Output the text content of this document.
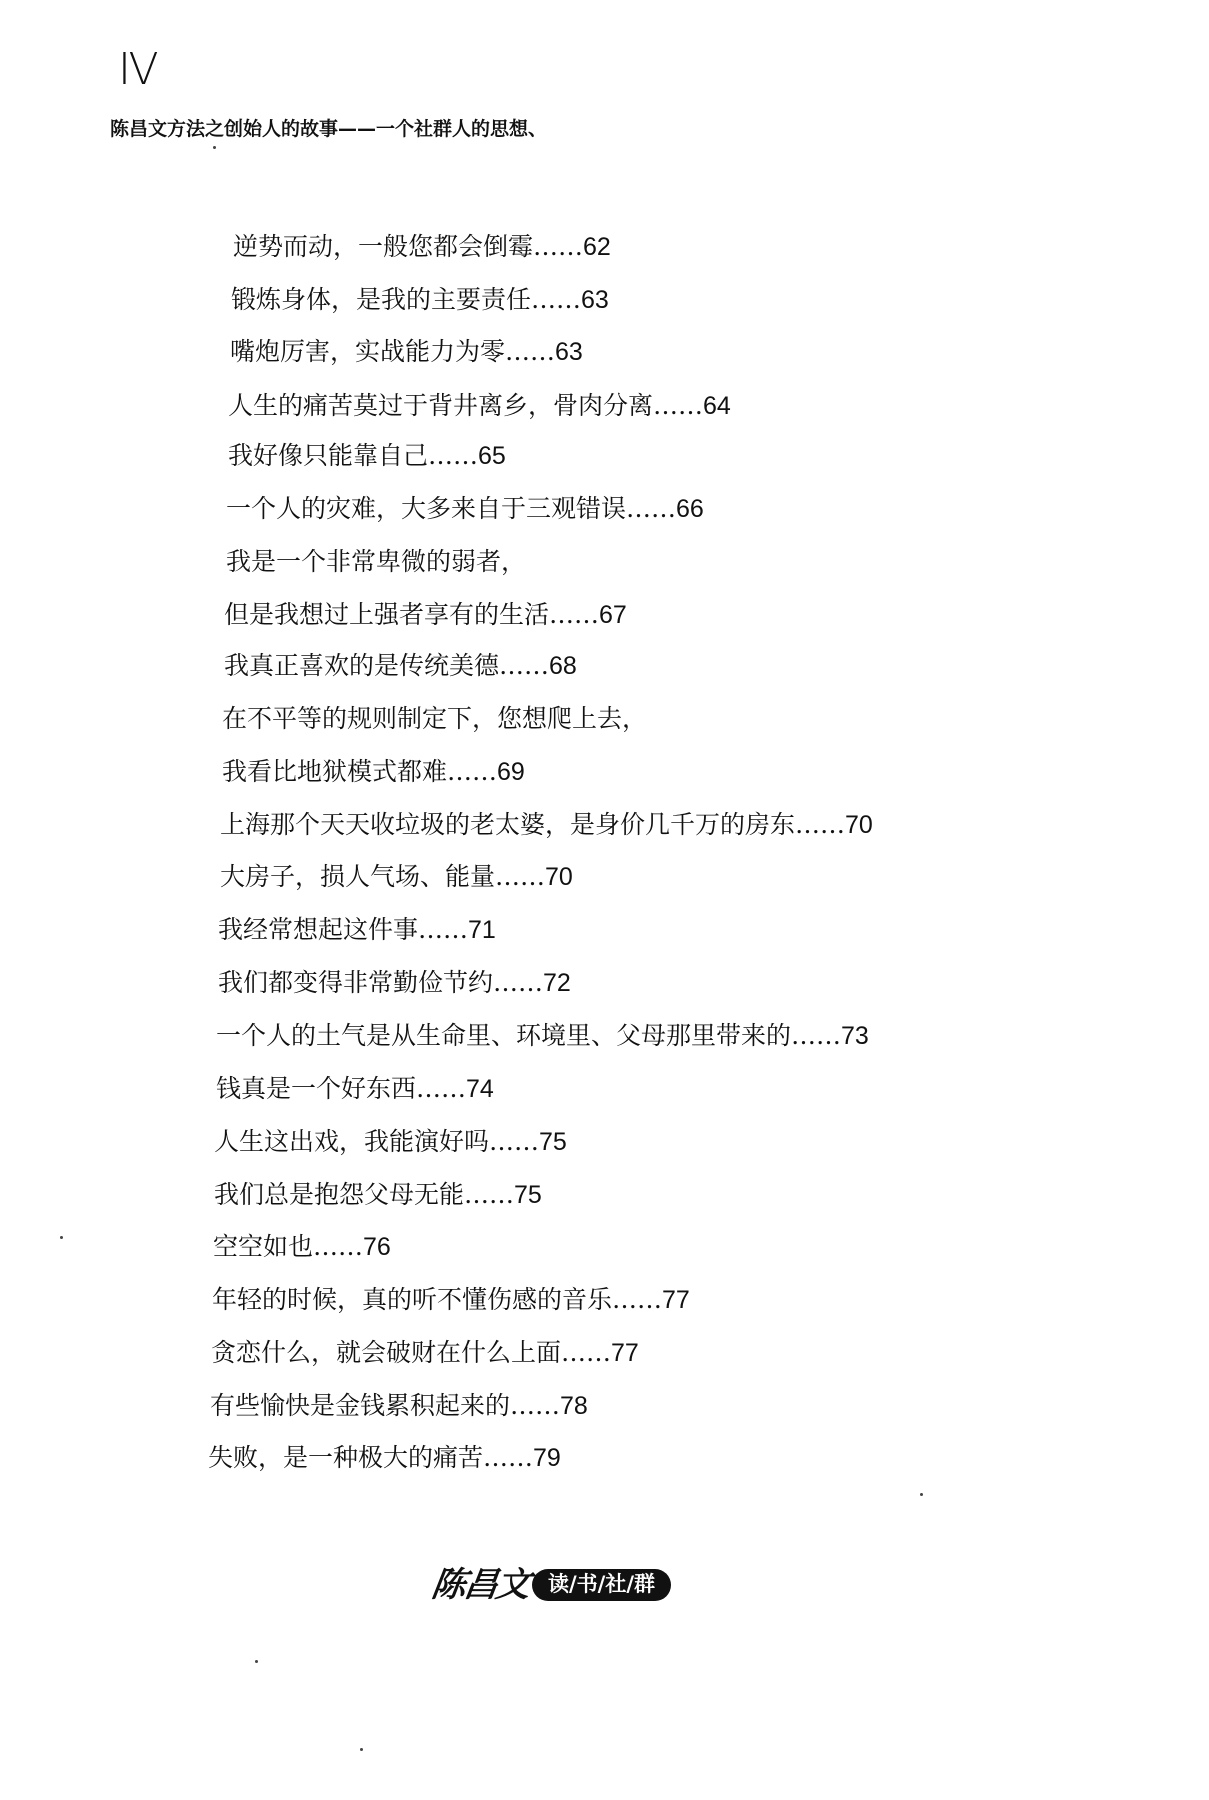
Ⅳ
陈昌文方法之创始人的故事——一个社群人的思想、
逆势而动，一般您都会倒霉……62
锻炼身体，是我的主要责任……63
嘴炮厉害，实战能力为零……63
人生的痛苦莫过于背井离乡，骨肉分离……64
我好像只能靠自己……65
一个人的灾难，大多来自于三观错误……66
我是一个非常卑微的弱者，
但是我想过上强者享有的生活……67
我真正喜欢的是传统美德……68
在不平等的规则制定下，您想爬上去，
我看比地狱模式都难……69
上海那个天天收垃圾的老太婆，是身价几千万的房东……70
大房子，损人气场、能量……70
我经常想起这件事……71
我们都变得非常勤俭节约……72
一个人的土气是从生命里、环境里、父母那里带来的……73
钱真是一个好东西……74
人生这出戏，我能演好吗……75
我们总是抱怨父母无能……75
空空如也……76
年轻的时候，真的听不懂伤感的音乐……77
贪恋什么，就会破财在什么上面……77
有些愉快是金钱累积起来的……78
失败，是一种极大的痛苦……79
陈昌文 读/书/社/群
